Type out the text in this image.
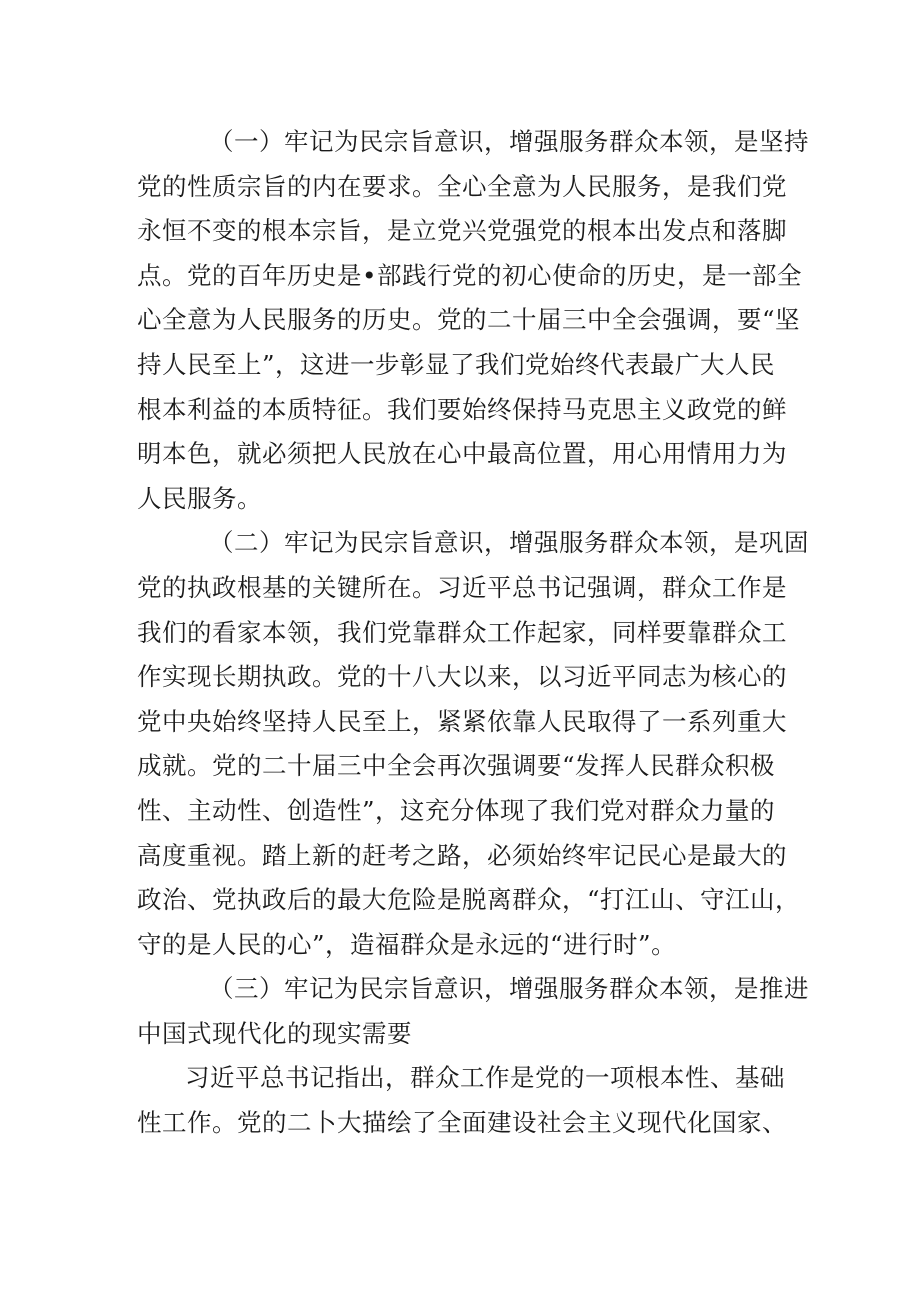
（一）牢记为民宗旨意识，增强服务群众本领，是坚持
党的性质宗旨的内在要求。全心全意为人民服务，是我们党
永恒不变的根本宗旨，是立党兴党强党的根本出发点和落脚
点。党的百年历史是•部践行党的初心使命的历史，是一部全
心全意为人民服务的历史。党的二十届三中全会强调，要“坚
持人民至上”，这进一步彰显了我们党始终代表最广大人民
根本利益的本质特征。我们要始终保持马克思主义政党的鲜
明本色，就必须把人民放在心中最高位置，用心用情用力为
人民服务。
（二）牢记为民宗旨意识，增强服务群众本领，是巩固
党的执政根基的关键所在。习近平总书记强调，群众工作是
我们的看家本领，我们党靠群众工作起家，同样要靠群众工
作实现长期执政。党的十八大以来，以习近平同志为核心的
党中央始终坚持人民至上，紧紧依靠人民取得了一系列重大
成就。党的二十届三中全会再次强调要“发挥人民群众积极
性、主动性、创造性”，这充分体现了我们党对群众力量的
高度重视。踏上新的赶考之路，必须始终牢记民心是最大的
政治、党执政后的最大危险是脱离群众，“打江山、守江山，
守的是人民的心”，造福群众是永远的“进行时”。
（三）牢记为民宗旨意识，增强服务群众本领，是推进
中国式现代化的现实需要
习近平总书记指出，群众工作是党的一项根本性、基础
性工作。党的二卜大描绘了全面建设社会主义现代化国家、
